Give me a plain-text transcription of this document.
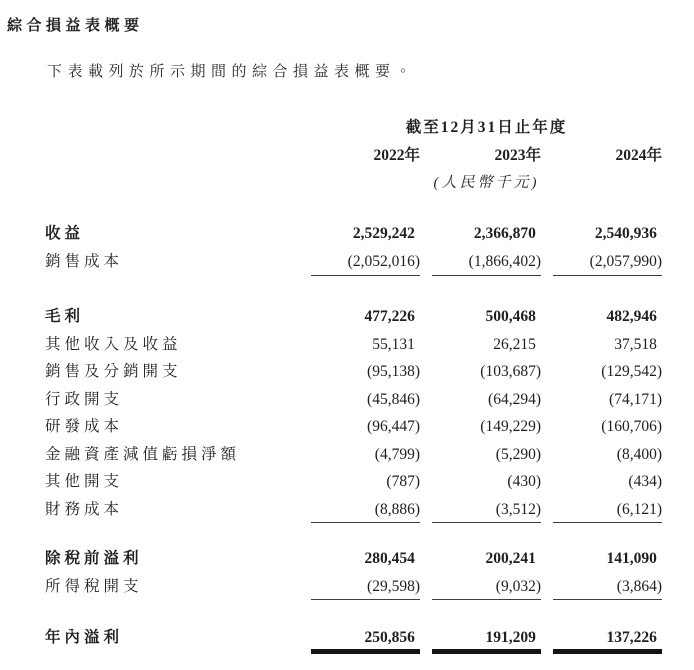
綜合損益表概要
下表載列於所示期間的綜合損益表概要。
截至12月31日止年度
2022年	2023年	2024年
(人民幣千元)
收益	2,529,242	2,366,870	2,540,936
銷售成本	(2,052,016)	(1,866,402)	(2,057,990)
毛利	477,226	500,468	482,946
其他收入及收益	55,131	26,215	37,518
銷售及分銷開支	(95,138)	(103,687)	(129,542)
行政開支	(45,846)	(64,294)	(74,171)
研發成本	(96,447)	(149,229)	(160,706)
金融資產減值虧損淨額	(4,799)	(5,290)	(8,400)
其他開支	(787)	(430)	(434)
財務成本	(8,886)	(3,512)	(6,121)
除稅前溢利	280,454	200,241	141,090
所得稅開支	(29,598)	(9,032)	(3,864)
年內溢利	250,856	191,209	137,226
